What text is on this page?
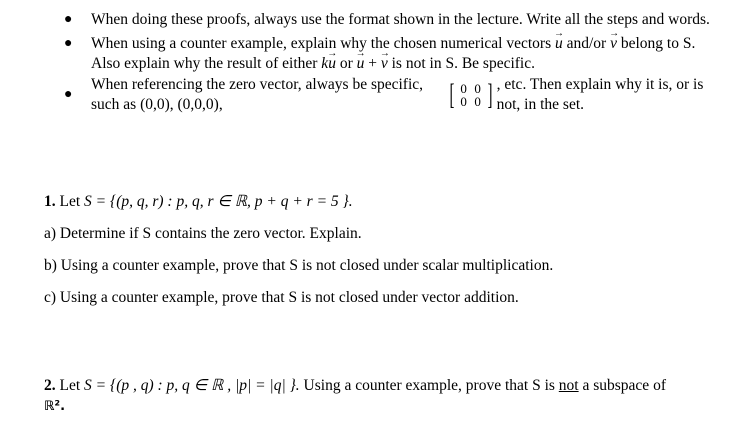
● When doing these proofs, always use the format shown in the lecture. Write all the steps and words.
● When using a counter example, explain why the chosen numerical vectors → u and/or → v belong to S. Also explain why the result of either k→ u or → u + → v is not in S. Be specific.
●
When referencing the zero vector, always be specific, such as (0,0), (0,0,0),	[ 0 0
0 0 ] , etc. Then explain why it is, or is not, in the set.
1. Let S = {(p, q, r) : p, q, r ∈ ℝ, p + q + r = 5 }.
a) Determine if S contains the zero vector. Explain.
b) Using a counter example, prove that S is not closed under scalar multiplication.
c) Using a counter example, prove that S is not closed under vector addition.
2. Let S = {(p , q) : p, q ∈ ℝ , |p| = |q| }. Using a counter example, prove that S is not a subspace of
ℝ².
